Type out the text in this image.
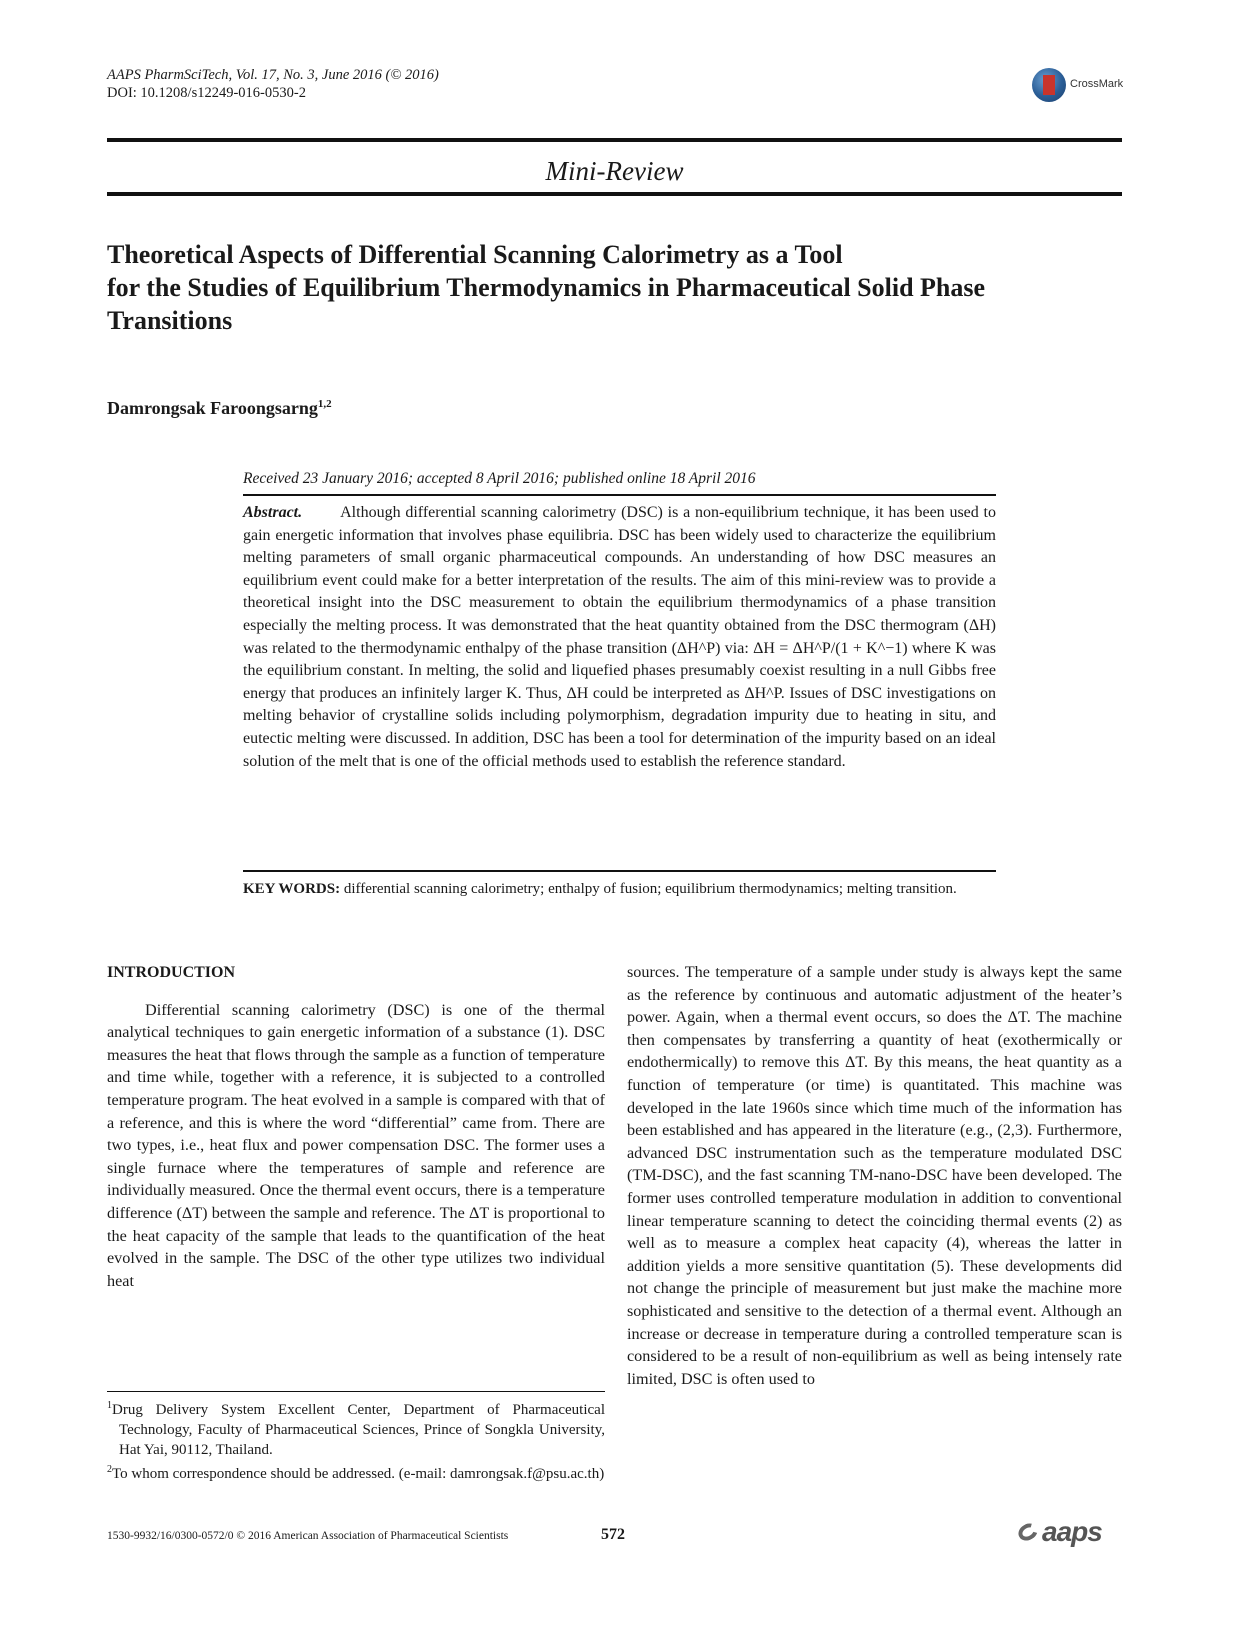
AAPS PharmSciTech, Vol. 17, No. 3, June 2016 (© 2016)
DOI: 10.1208/s12249-016-0530-2
CrossMark
Mini-Review
Theoretical Aspects of Differential Scanning Calorimetry as a Tool
for the Studies of Equilibrium Thermodynamics in Pharmaceutical Solid Phase
Transitions
Damrongsak Faroongsarng$^{1,2}$
Received 23 January 2016; accepted 8 April 2016; published online 18 April 2016
Abstract. Although differential scanning calorimetry (DSC) is a non-equilibrium technique, it has been used to gain energetic information that involves phase equilibria. DSC has been widely used to characterize the equilibrium melting parameters of small organic pharmaceutical compounds. An understanding of how DSC measures an equilibrium event could make for a better interpretation of the results. The aim of this mini-review was to provide a theoretical insight into the DSC measurement to obtain the equilibrium thermodynamics of a phase transition especially the melting process. It was demonstrated that the heat quantity obtained from the DSC thermogram (ΔH) was related to the thermodynamic enthalpy of the phase transition (ΔH^P) via: ΔH = ΔH^P/(1 + K^−1) where K was the equilibrium constant. In melting, the solid and liquefied phases presumably coexist resulting in a null Gibbs free energy that produces an infinitely larger K. Thus, ΔH could be interpreted as ΔH^P. Issues of DSC investigations on melting behavior of crystalline solids including polymorphism, degradation impurity due to heating in situ, and eutectic melting were discussed. In addition, DSC has been a tool for determination of the impurity based on an ideal solution of the melt that is one of the official methods used to establish the reference standard.
KEY WORDS: differential scanning calorimetry; enthalpy of fusion; equilibrium thermodynamics; melting transition.
INTRODUCTION

Differential scanning calorimetry (DSC) is one of the thermal analytical techniques to gain energetic information of a substance (1). DSC measures the heat that flows through the sample as a function of temperature and time while, together with a reference, it is subjected to a controlled temperature program. The heat evolved in a sample is compared with that of a reference, and this is where the word “differential” came from. There are two types, i.e., heat flux and power compensation DSC. The former uses a single furnace where the temperatures of sample and reference are individually measured. Once the thermal event occurs, there is a temperature difference (ΔT) between the sample and reference. The ΔT is proportional to the heat capacity of the sample that leads to the quantification of the heat evolved in the sample. The DSC of the other type utilizes two individual heat

sources. The temperature of a sample under study is always kept the same as the reference by continuous and automatic adjustment of the heater’s power. Again, when a thermal event occurs, so does the ΔT. The machine then compensates by transferring a quantity of heat (exothermically or endothermically) to remove this ΔT. By this means, the heat quantity as a function of temperature (or time) is quantitated. This machine was developed in the late 1960s since which time much of the information has been established and has appeared in the literature (e.g., (2,3). Furthermore, advanced DSC instrumentation such as the temperature modulated DSC (TM-DSC), and the fast scanning TM-nano-DSC have been developed. The former uses controlled temperature modulation in addition to conventional linear temperature scanning to detect the coinciding thermal events (2) as well as to measure a complex heat capacity (4), whereas the latter in addition yields a more sensitive quantitation (5). These developments did not change the principle of measurement but just make the machine more sophisticated and sensitive to the detection of a thermal event. Although an increase or decrease in temperature during a controlled temperature scan is considered to be a result of non-equilibrium as well as being intensely rate limited, DSC is often used to

$^1$Drug Delivery System Excellent Center, Department of Pharmaceutical Technology, Faculty of Pharmaceutical Sciences, Prince of Songkla University, Hat Yai, 90112, Thailand.
$^2$To whom correspondence should be addressed. (e-mail: damrongsak.f@psu.ac.th)
1530-9932/16/0300-0572/0 © 2016 American Association of Pharmaceutical Scientists	572	aaps
